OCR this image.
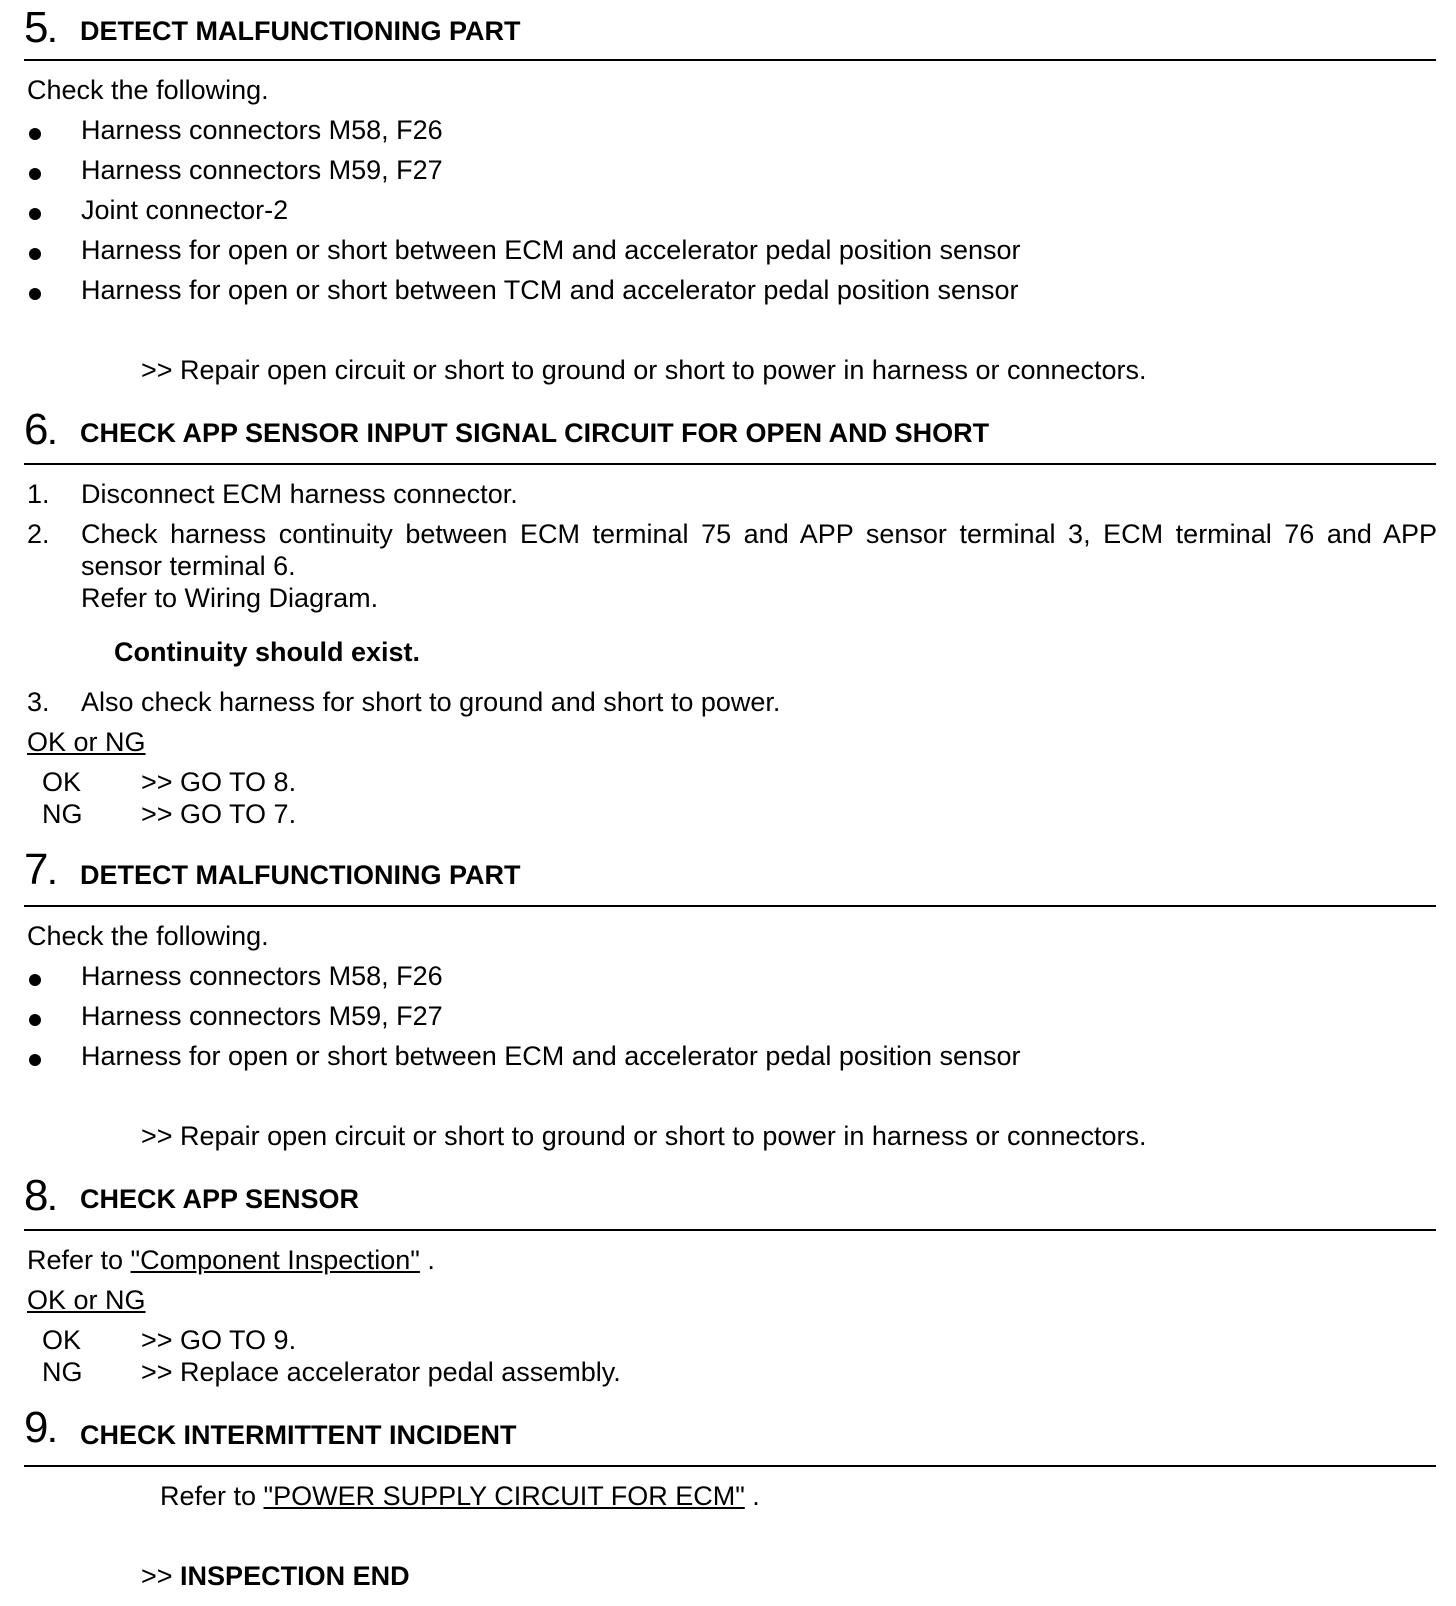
5. DETECT MALFUNCTIONING PART
Check the following.
Harness connectors M58, F26
Harness connectors M59, F27
Joint connector-2
Harness for open or short between ECM and accelerator pedal position sensor
Harness for open or short between TCM and accelerator pedal position sensor
>> Repair open circuit or short to ground or short to power in harness or connectors.
6. CHECK APP SENSOR INPUT SIGNAL CIRCUIT FOR OPEN AND SHORT
1. Disconnect ECM harness connector.
2. Check harness continuity between ECM terminal 75 and APP sensor terminal 3, ECM terminal 76 and APP sensor terminal 6.
Refer to Wiring Diagram.
Continuity should exist.
3. Also check harness for short to ground and short to power.
OK or NG
OK >> GO TO 8.
NG >> GO TO 7.
7. DETECT MALFUNCTIONING PART
Check the following.
Harness connectors M58, F26
Harness connectors M59, F27
Harness for open or short between ECM and accelerator pedal position sensor
>> Repair open circuit or short to ground or short to power in harness or connectors.
8. CHECK APP SENSOR
Refer to "Component Inspection" .
OK or NG
OK >> GO TO 9.
NG >> Replace accelerator pedal assembly.
9. CHECK INTERMITTENT INCIDENT
Refer to "POWER SUPPLY CIRCUIT FOR ECM" .
>> INSPECTION END
